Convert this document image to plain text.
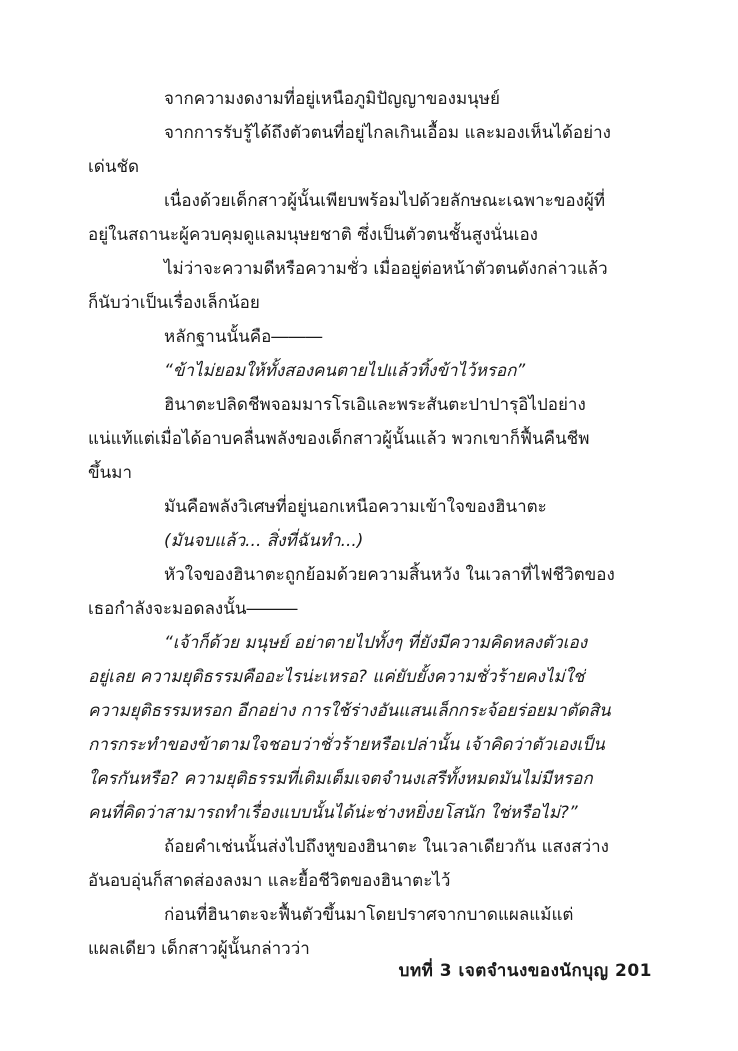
จากความงดงามที่อยู่เหนือภูมิปัญญาของมนุษย์
จากการรับรู้ได้ถึงตัวตนที่อยู่ไกลเกินเอื้อม และมองเห็นได้อย่าง
เด่นชัด
เนื่องด้วยเด็กสาวผู้นั้นเพียบพร้อมไปด้วยลักษณะเฉพาะของผู้ที่
อยู่ในสถานะผู้ควบคุมดูแลมนุษยชาติ ซึ่งเป็นตัวตนชั้นสูงนั่นเอง
ไม่ว่าจะความดีหรือความชั่ว เมื่ออยู่ต่อหน้าตัวตนดังกล่าวแล้ว
ก็นับว่าเป็นเรื่องเล็กน้อย
หลักฐานนั้นคือ―――
“ข้าไม่ยอมให้ทั้งสองคนตายไปแล้วทิ้งข้าไว้หรอก”
ฮินาตะปลิดชีพจอมมารโรเอิและพระสันตะปาปารุอิไปอย่าง
แน่แท้แต่เมื่อได้อาบคลื่นพลังของเด็กสาวผู้นั้นแล้ว พวกเขาก็ฟื้นคืนชีพ
ขึ้นมา
มันคือพลังวิเศษที่อยู่นอกเหนือความเข้าใจของฮินาตะ
(มันจบแล้ว... สิ่งที่ฉันทำ...)
หัวใจของฮินาตะถูกย้อมด้วยความสิ้นหวัง ในเวลาที่ไฟชีวิตของ
เธอกำลังจะมอดลงนั้น―――
“เจ้าก็ด้วย มนุษย์ อย่าตายไปทั้งๆ ที่ยังมีความคิดหลงตัวเอง
อยู่เลย ความยุติธรรมคืออะไรน่ะเหรอ? แค่ยับยั้งความชั่วร้ายคงไม่ใช่
ความยุติธรรมหรอก อีกอย่าง การใช้ร่างอันแสนเล็กกระจ้อยร่อยมาตัดสิน
การกระทำของข้าตามใจชอบว่าชั่วร้ายหรือเปล่านั้น เจ้าคิดว่าตัวเองเป็น
ใครกันหรือ? ความยุติธรรมที่เติมเต็มเจตจำนงเสรีทั้งหมดมันไม่มีหรอก
คนที่คิดว่าสามารถทำเรื่องแบบนั้นได้น่ะช่างหยิ่งยโสนัก ใช่หรือไม่?”
ถ้อยคำเช่นนั้นส่งไปถึงหูของฮินาตะ ในเวลาเดียวกัน แสงสว่าง
อันอบอุ่นก็สาดส่องลงมา และยื้อชีวิตของฮินาตะไว้
ก่อนที่ฮินาตะจะฟื้นตัวขึ้นมาโดยปราศจากบาดแผลแม้แต่
แผลเดียว เด็กสาวผู้นั้นกล่าวว่า
บทที่ 3 เจตจำนงของนักบุญ 201
